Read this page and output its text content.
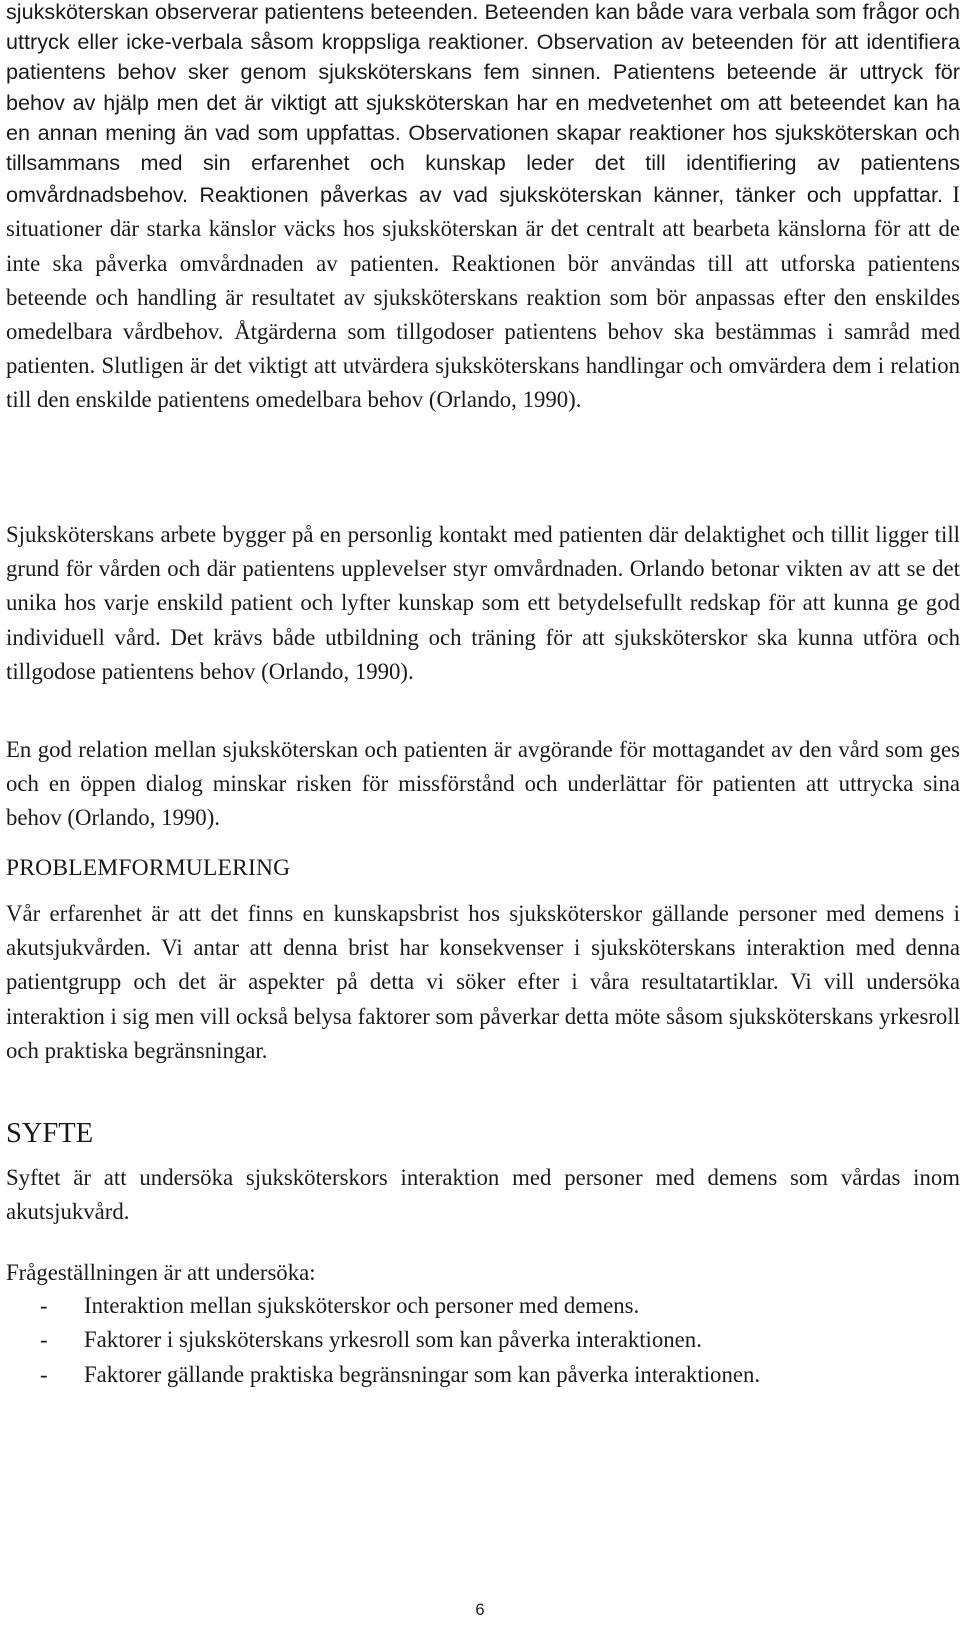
sjuksköterskan observerar patientens beteenden. Beteenden kan både vara verbala som frågor och uttryck eller icke-verbala såsom kroppsliga reaktioner. Observation av beteenden för att identifiera patientens behov sker genom sjuksköterskans fem sinnen. Patientens beteende är uttryck för behov av hjälp men det är viktigt att sjuksköterskan har en medvetenhet om att beteendet kan ha en annan mening än vad som uppfattas. Observationen skapar reaktioner hos sjuksköterskan och tillsammans med sin erfarenhet och kunskap leder det till identifiering av patientens omvårdnadsbehov. Reaktionen påverkas av vad sjuksköterskan känner, tänker och uppfattar. I situationer där starka känslor väcks hos sjuksköterskan är det centralt att bearbeta känslorna för att de inte ska påverka omvårdnaden av patienten. Reaktionen bör användas till att utforska patientens beteende och handling är resultatet av sjuksköterskans reaktion som bör anpassas efter den enskildes omedelbara vårdbehov. Åtgärderna som tillgodoser patientens behov ska bestämmas i samråd med patienten. Slutligen är det viktigt att utvärdera sjuksköterskans handlingar och omvärdera dem i relation till den enskilde patientens omedelbara behov (Orlando, 1990).

Sjuksköterskans arbete bygger på en personlig kontakt med patienten där delaktighet och tillit ligger till grund för vården och där patientens upplevelser styr omvårdnaden. Orlando betonar vikten av att se det unika hos varje enskild patient och lyfter kunskap som ett betydelsefullt redskap för att kunna ge god individuell vård. Det krävs både utbildning och träning för att sjuksköterskor ska kunna utföra och tillgodose patientens behov (Orlando, 1990).

En god relation mellan sjuksköterskan och patienten är avgörande för mottagandet av den vård som ges och en öppen dialog minskar risken för missförstånd och underlättar för patienten att uttrycka sina behov (Orlando, 1990).

PROBLEMFORMULERING

Vår erfarenhet är att det finns en kunskapsbrist hos sjuksköterskor gällande personer med demens i akutsjukvården. Vi antar att denna brist har konsekvenser i sjuksköterskans interaktion med denna patientgrupp och det är aspekter på detta vi söker efter i våra resultatartiklar. Vi vill undersöka interaktion i sig men vill också belysa faktorer som påverkar detta möte såsom sjuksköterskans yrkesroll och praktiska begränsningar.

SYFTE

Syftet är att undersöka sjuksköterskors interaktion med personer med demens som vårdas inom akutsjukvård.

Frågeställningen är att undersöka:

- Interaktion mellan sjuksköterskor och personer med demens.
- Faktorer i sjuksköterskans yrkesroll som kan påverka interaktionen.
- Faktorer gällande praktiska begränsningar som kan påverka interaktionen.
6
